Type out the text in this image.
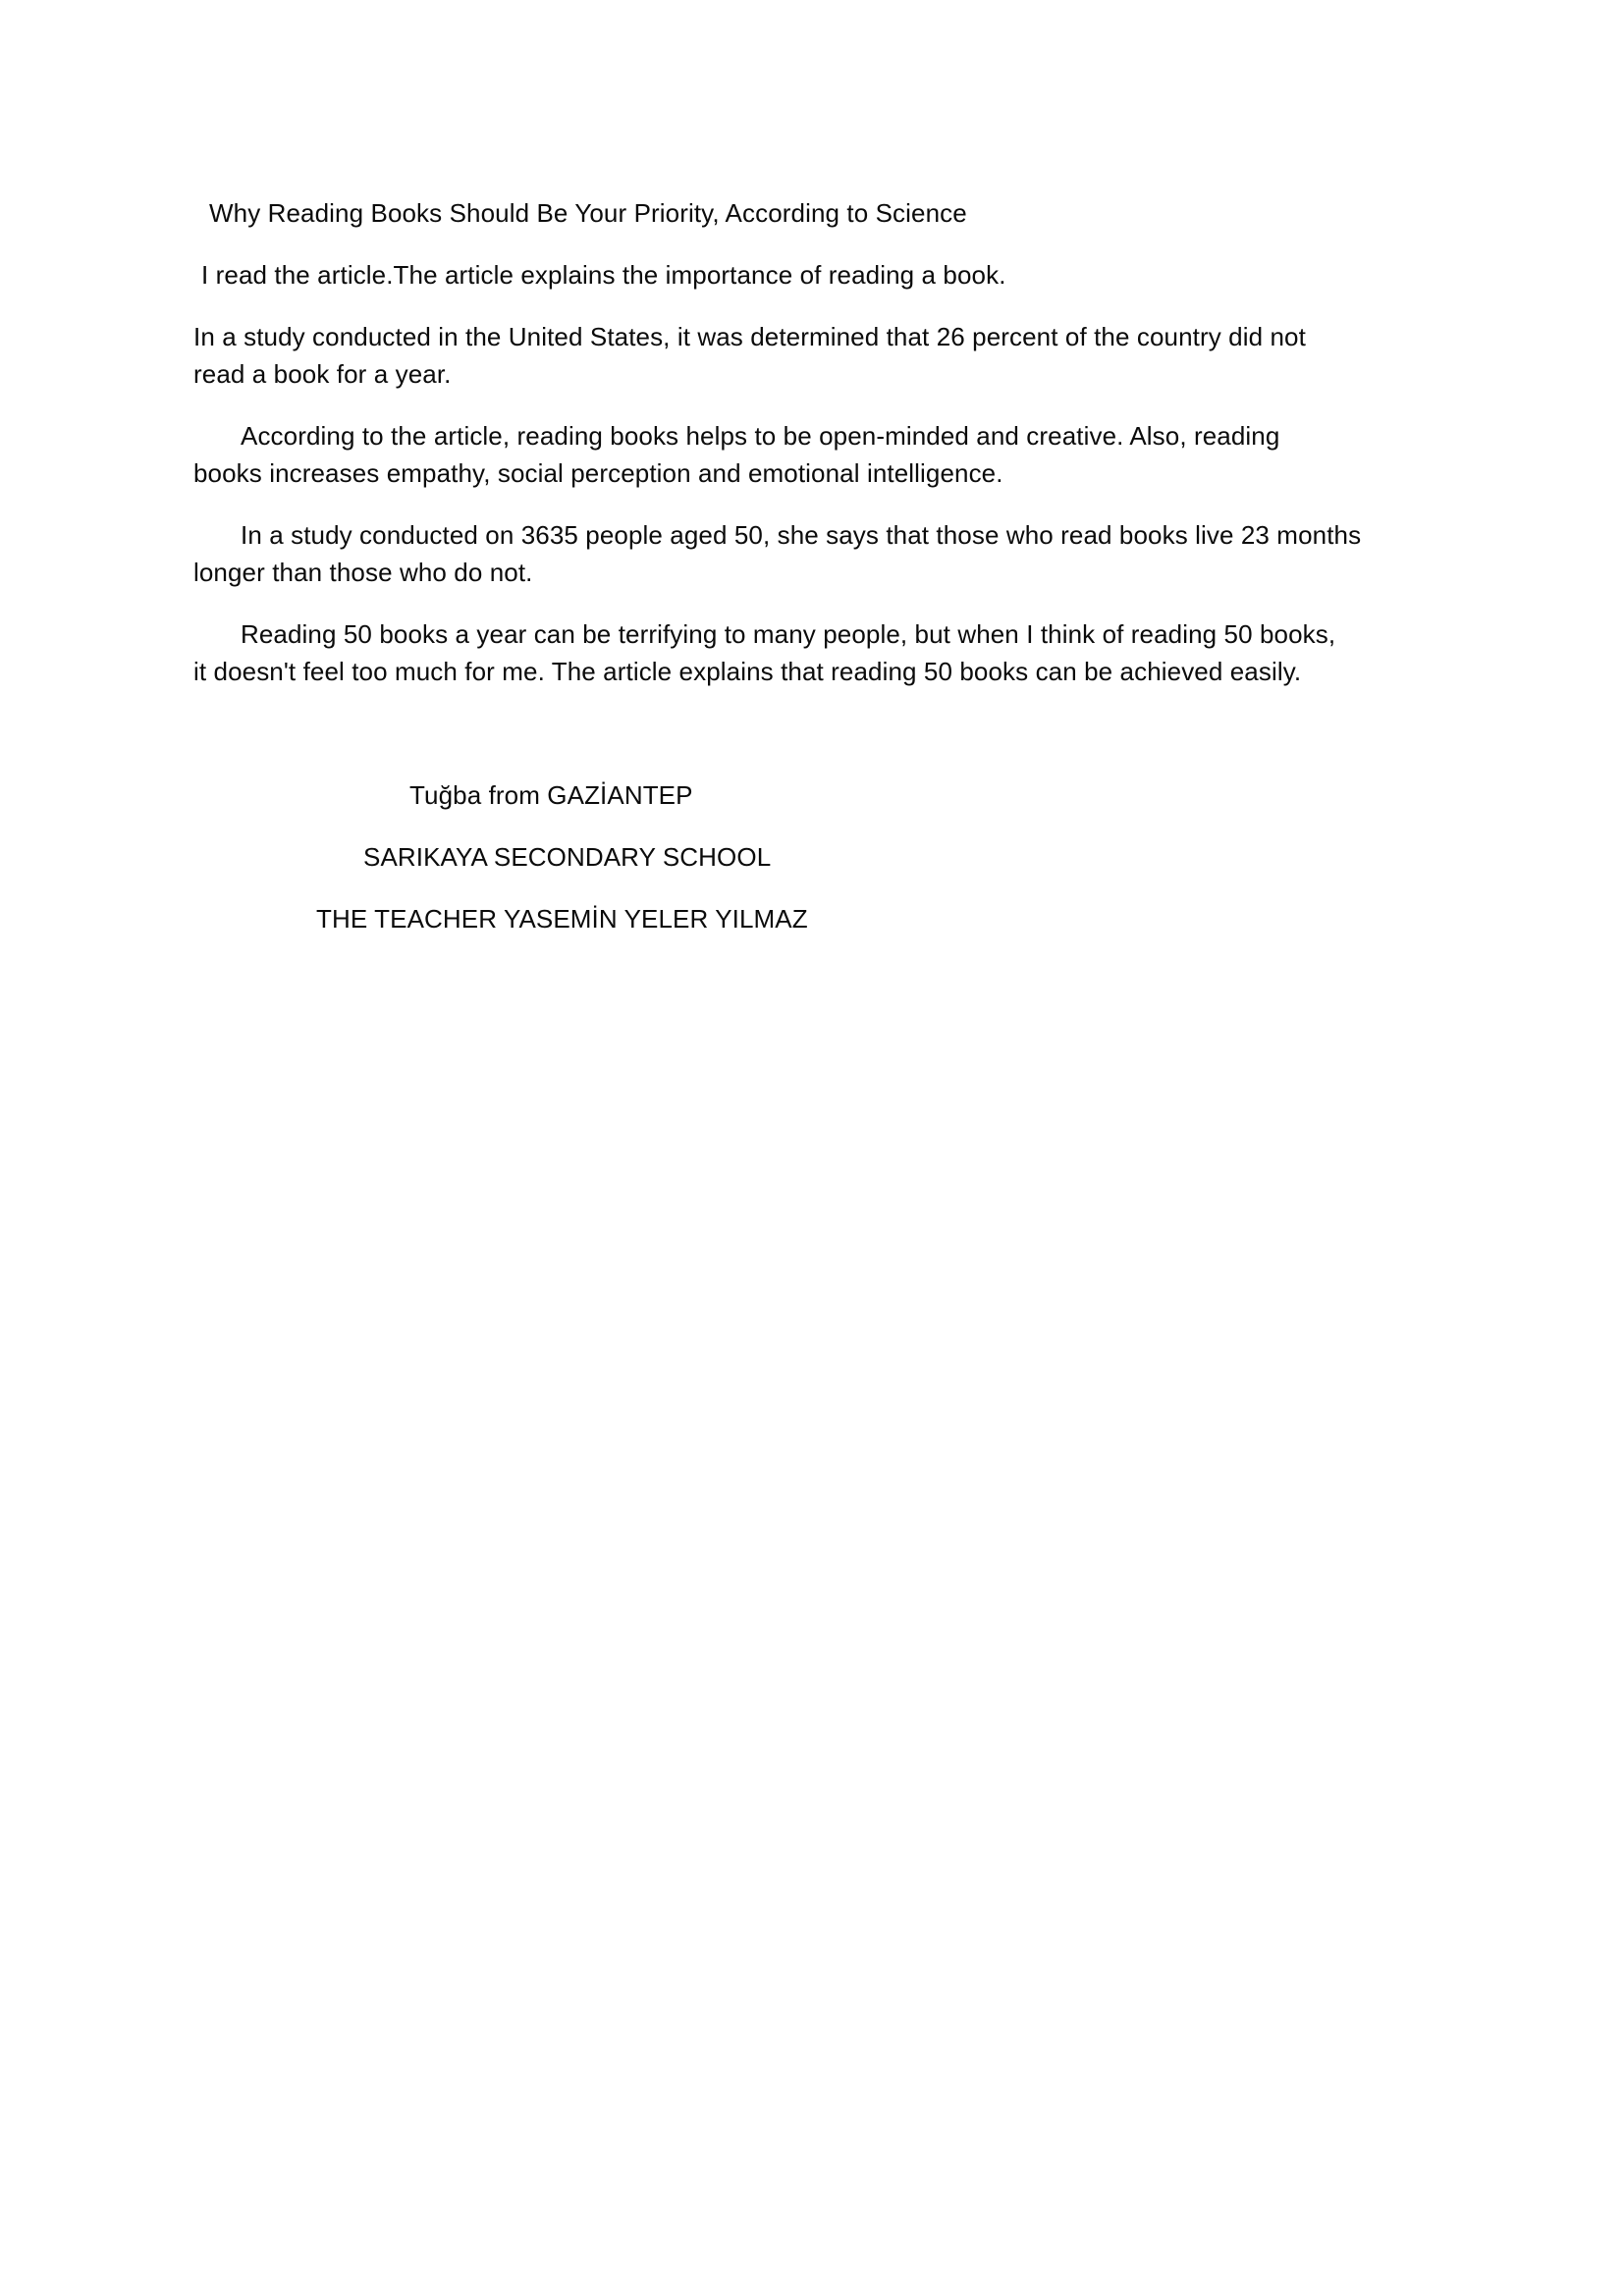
Why Reading Books Should Be Your Priority, According to Science
I read the article.The article explains the importance of reading a book.
In a study conducted in the United States, it was determined that 26 percent of the country did not
read a book for a year.
According to the article, reading books helps to be open-minded and creative. Also, reading
books increases empathy, social perception and emotional intelligence.
In a study conducted on 3635 people aged 50, she says that those who read books live 23 months
longer than those who do not.
Reading 50 books a year can be terrifying to many people, but when I think of reading 50 books,
it doesn't feel too much for me. The article explains that reading 50 books can be achieved easily.
Tuğba from GAZİANTEP
SARIKAYA SECONDARY SCHOOL
THE TEACHER YASEMİN YELER YILMAZ
